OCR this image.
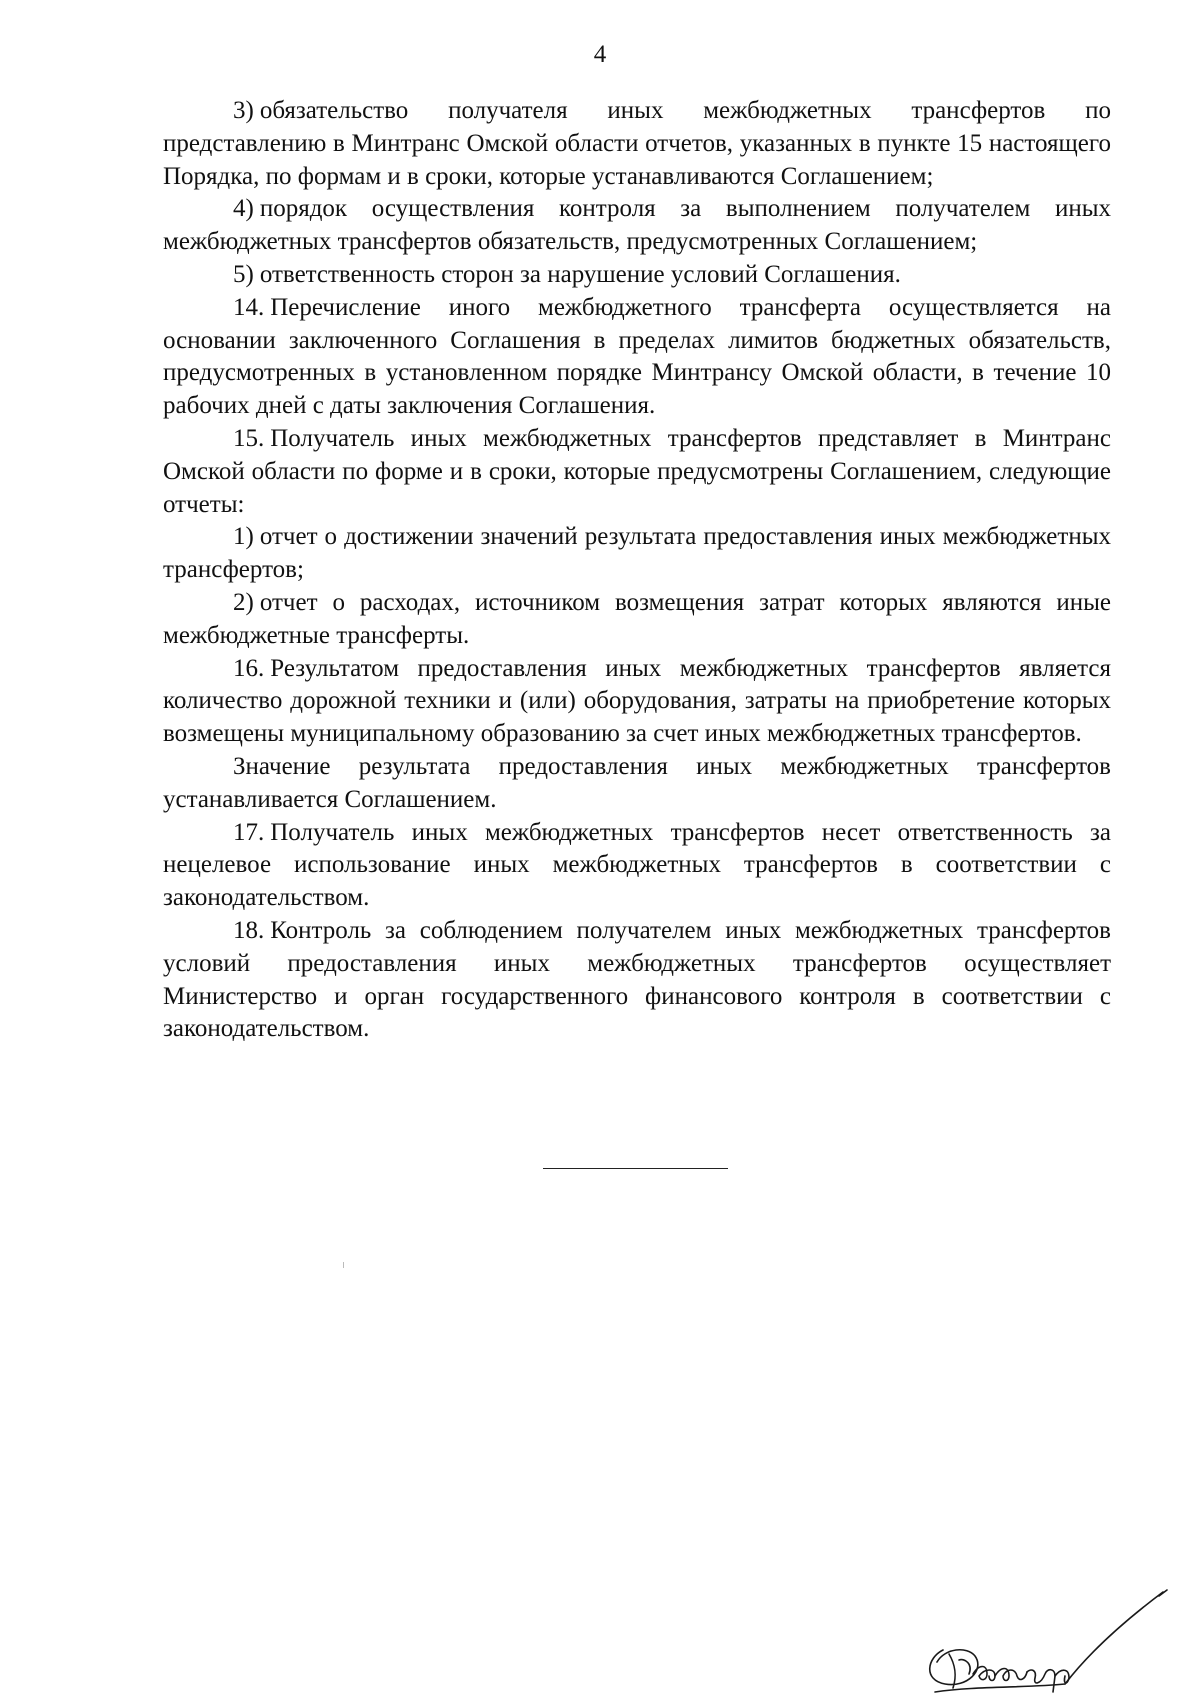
4

3) обязательство получателя иных межбюджетных трансфертов по представлению в Минтранс Омской области отчетов, указанных в пункте 15 настоящего Порядка, по формам и в сроки, которые устанавливаются Соглашением;

4) порядок осуществления контроля за выполнением получателем иных межбюджетных трансфертов обязательств, предусмотренных Соглашением;

5) ответственность сторон за нарушение условий Соглашения.

14. Перечисление иного межбюджетного трансферта осуществляется на основании заключенного Соглашения в пределах лимитов бюджетных обязательств, предусмотренных в установленном порядке Минтрансу Омской области, в течение 10 рабочих дней с даты заключения Соглашения.

15. Получатель иных межбюджетных трансфертов представляет в Минтранс Омской области по форме и в сроки, которые предусмотрены Соглашением, следующие отчеты:

1) отчет о достижении значений результата предоставления иных межбюджетных трансфертов;

2) отчет о расходах, источником возмещения затрат которых являются иные межбюджетные трансферты.

16. Результатом предоставления иных межбюджетных трансфертов является количество дорожной техники и (или) оборудования, затраты на приобретение которых возмещены муниципальному образованию за счет иных межбюджетных трансфертов.

Значение результата предоставления иных межбюджетных трансфертов устанавливается Соглашением.

17. Получатель иных межбюджетных трансфертов несет ответственность за нецелевое использование иных межбюджетных трансфертов в соответствии с законодательством.

18. Контроль за соблюдением получателем иных межбюджетных трансфертов условий предоставления иных межбюджетных трансфертов осуществляет Министерство и орган государственного финансового контроля в соответствии с законодательством.
